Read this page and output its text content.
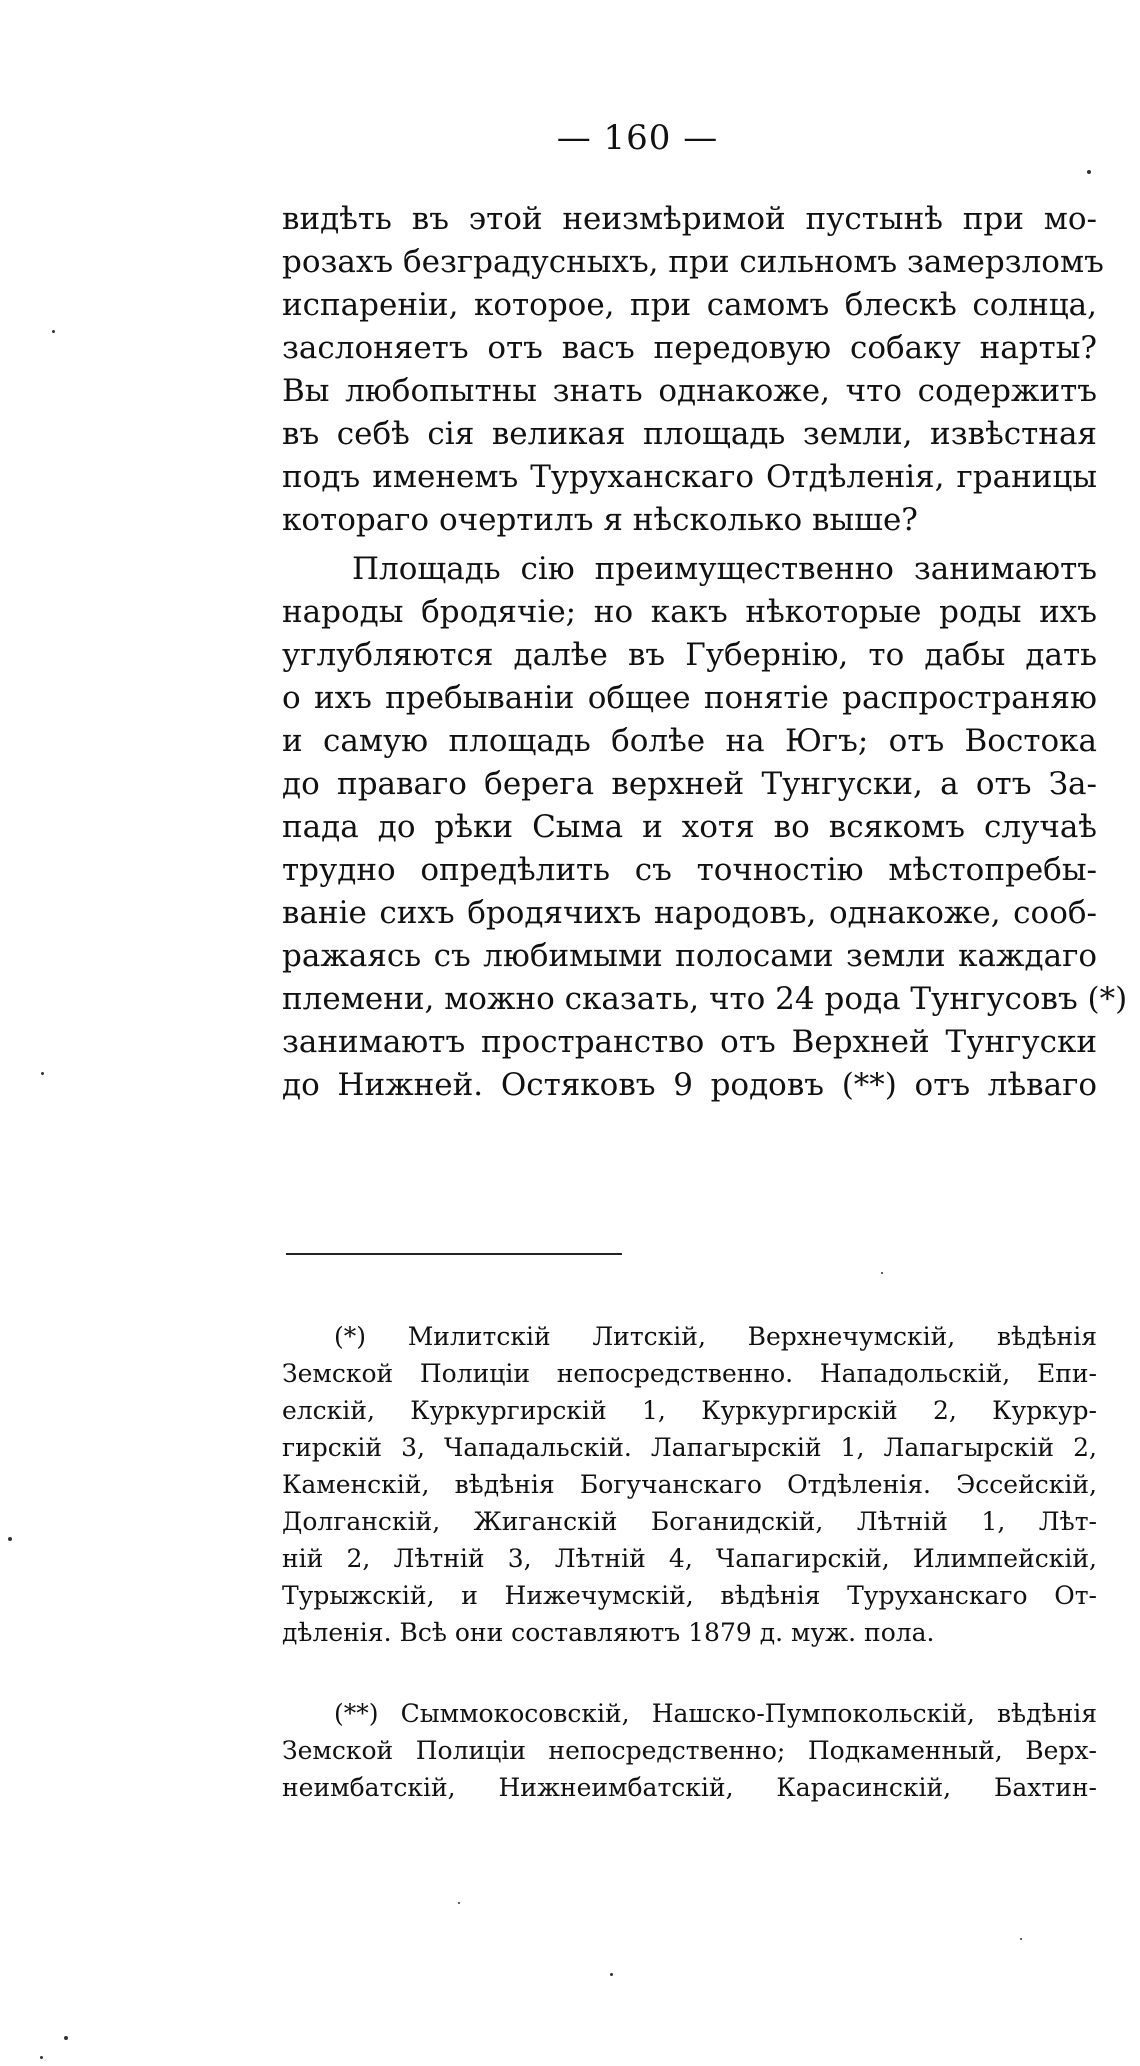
— 160 —
видѣть въ этой неизмѣримой пустынѣ при мо-
розахъ безградусныхъ, при сильномъ замерзломъ
испареніи, которое, при самомъ блескѣ солнца,
заслоняетъ отъ васъ передовую собаку нарты?
Вы любопытны знать однакоже, что содержитъ
въ себѣ сія великая площадь земли, извѣстная
подъ именемъ Туруханскаго Отдѣленія, границы
котораго очертилъ я нѣсколько выше?
Площадь сію преимущественно занимаютъ
народы бродячіе; но какъ нѣкоторые роды ихъ
углубляются далѣе въ Губернію, то дабы дать
о ихъ пребываніи общее понятіе распространяю
и самую площадь болѣе на Югъ; отъ Востока
до праваго берега верхней Тунгуски, а отъ За-
пада до рѣки Сыма и хотя во всякомъ случаѣ
трудно опредѣлить съ точностію мѣстопребы-
ваніе сихъ бродячихъ народовъ, однакоже, сооб-
ражаясь съ любимыми полосами земли каждаго
племени, можно сказать, что 24 рода Тунгусовъ (*)
занимаютъ пространство отъ Верхней Тунгуски
до Нижней. Остяковъ 9 родовъ (**) отъ лѣваго
(*) Милитскій Литскій, Верхнечумскій, вѣдѣнія
Земской Полиціи непосредственно. Нападольскій, Епи-
елскій, Куркургирскій 1, Куркургирскій 2, Куркур-
гирскій 3, Чападальскій. Лапагырскій 1, Лапагырскій 2,
Каменскій, вѣдѣнія Богучанскаго Отдѣленія. Эссейскій,
Долганскій, Жиганскій Боганидскій, Лѣтній 1, Лѣт-
ній 2, Лѣтній 3, Лѣтній 4, Чапагирскій, Илимпейскій,
Турыжскій, и Нижечумскій, вѣдѣнія Туруханскаго От-
дѣленія. Всѣ они составляютъ 1879 д. муж. пола.
(**) Сыммокосовскій, Нашско-Пумпокольскій, вѣдѣнія
Земской Полиціи непосредственно; Подкаменный, Верх-
неимбатскій, Нижнеимбатскій, Карасинскій, Бахтин-
